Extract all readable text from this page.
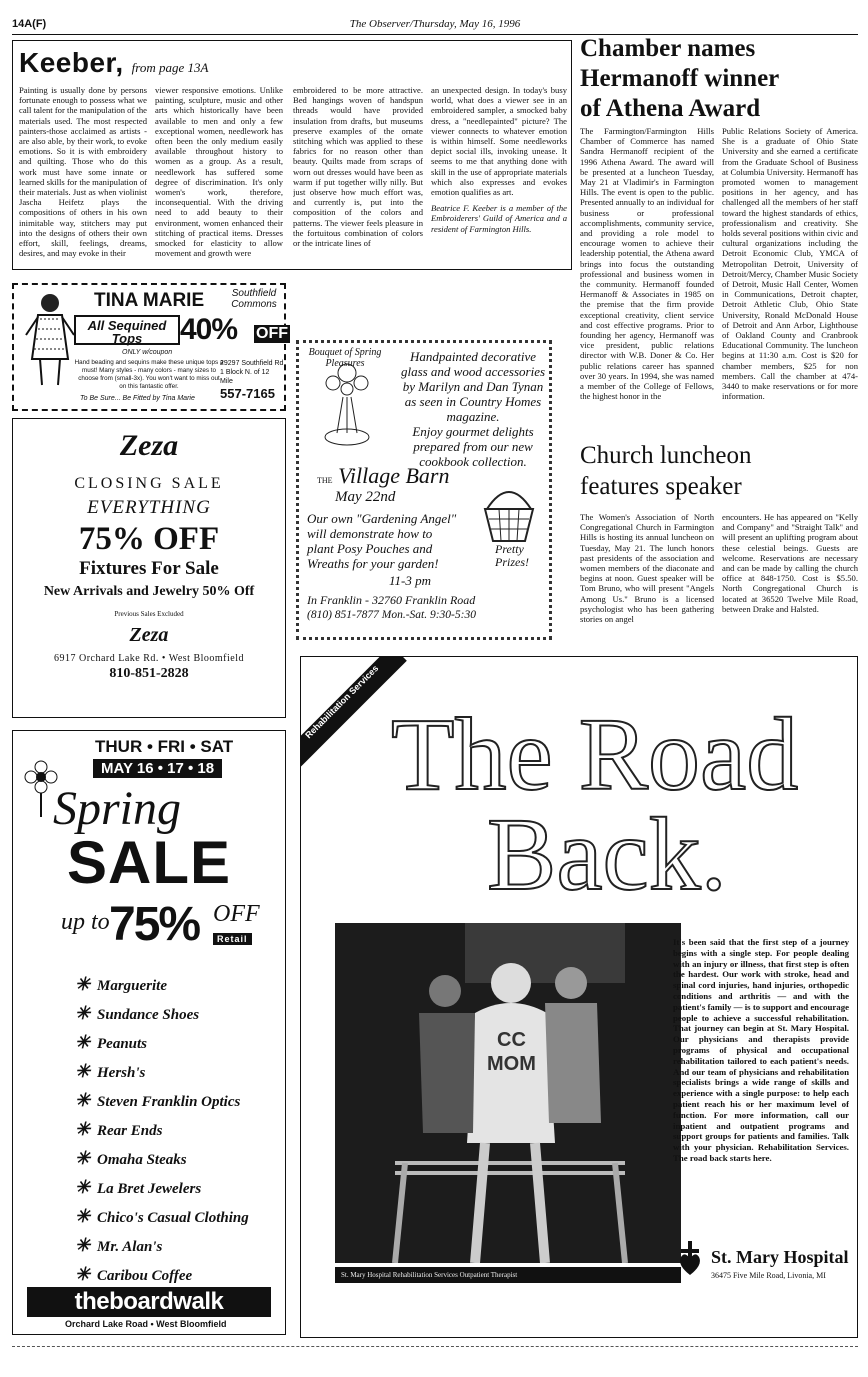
14A(F)	The Observer/Thursday, May 16, 1996
Keeber, from page 13A
Painting is usually done by persons fortunate enough to possess what we call talent for the manipulation of the materials used. The most respected painters-those acclaimed as artists - are also able, by their work, to evoke emotions. So it is with embroidery and quilting. Those who do this work must have some innate or learned skills for the manipulation of their materials. Just as when violinist Jascha Heifetz plays the compositions of others in his own inimitable way, stitchers may put into the designs of others their own effort, skill, feelings, dreams, desires, and may evoke in their
viewer responsive emotions. Unlike painting, sculpture, music and other arts which historically have been available to men and only a few exceptional women, needlework has often been the only medium easily available throughout history to women as a group. As a result, needlework has suffered some degree of discrimination. It's only women's work, therefore, inconsequential. With the driving need to add beauty to their environment, women enhanced their stitching of practical items. Dresses smocked for elasticity to allow movement and growth were
embroidered to be more attractive. Bed hangings woven of handspun threads would have provided insulation from drafts, but museums preserve examples of the ornate stitching which was applied to these fabrics for no reason other than beauty. Quilts made from scraps of worn out dresses would have been as warm if put together willy nilly. But just observe how much effort was, and currently is, put into the composition of the colors and patterns. The viewer feels pleasure in the fortuitous combination of colors or the intricate lines of
an unexpected design. In today's busy world, what does a viewer see in an embroidered sampler, a smocked baby dress, a "needlepainted" picture? The viewer connects to whatever emotion is within himself. Some needleworks depict social ills, invoking unease. It seems to me that anything done with skill in the use of appropriate materials which also expresses and evokes emotion qualifies as art.
Beatrice F. Keeber is a member of the Embroiderers' Guild of America and a resident of Farmington Hills.
Chamber names
Hermanoff winner
of Athena Award
The Farmington/Farmington Hills Chamber of Commerce has named Sandra Hermanoff recipient of the 1996 Athena Award. The award will be presented at a luncheon Tuesday, May 21 at Vladimir's in Farmington Hills. The event is open to the public. Presented annually to an individual for business or professional accomplishments, community service, and providing a role model to encourage women to achieve their leadership potential, the Athena award brings into focus the outstanding professional and business women in the community. Hermanoff founded Hermanoff & Associates in 1985 on the premise that the firm provide exceptional creativity, client service and cost effective programs. Prior to founding her agency, Hermanoff was vice president, public relations director with W.B. Doner & Co. Her public relations career has spanned over 30 years. In 1994, she was named a member of the College of Fellows, the highest honor in the
Public Relations Society of America. She is a graduate of Ohio State University and she earned a certificate from the Graduate School of Business at Columbia University. Hermanoff has promoted women to management positions in her agency, and has challenged all the members of her staff toward the highest standards of ethics, professionalism and creativity. She holds several positions within civic and cultural organizations including the Detroit Economic Club, YMCA of Metropolitan Detroit, University of Detroit/Mercy, Chamber Music Society of Detroit, Music Hall Center, Women in Communications, Detroit chapter, Detroit Athletic Club, Ohio State University, Ronald McDonald House of Detroit and Ann Arbor, Lighthouse of Oakland County and Cranbrook Educational Community. The luncheon begins at 11:30 a.m. Cost is $20 for chamber members, $25 for non members. Call the chamber at 474-3440 to make reservations or for more information.
Church luncheon
features speaker
The Women's Association of North Congregational Church in Farmington Hills is hosting its annual luncheon on Tuesday, May 21. The lunch honors past presidents of the association and women members of the diaconate and begins at noon. Guest speaker will be Tom Bruno, who will present "Angels Among Us." Bruno is a licensed psychologist who has been gathering stories on angel
encounters. He has appeared on "Kelly and Company" and "Straight Talk" and will present an uplifting program about these celestial beings. Guests are welcome. Reservations are necessary and can be made by calling the church office at 848-1750. Cost is $5.50. North Congregational Church is located at 36520 Twelve Mile Road, between Drake and Halsted.
TINA MARIE	Southfield
Commons
All Sequined
Tops	40% OFF
ONLY w/coupon
Hand beading and sequins make these unique tops a must! Many styles - many colors - many sizes to choose from (small-3x). You won't want to miss out on this fantastic offer.
29297 Southfield Rd
1 Block N. of 12 Mile
557-7165
To Be Sure... Be Fitted by Tina Marie
Zeza
CLOSING SALE
EVERYTHING
75% OFF
Fixtures For Sale
New Arrivals and Jewelry 50% Off
Previous Sales Excluded
Zeza
6917 Orchard Lake Rd. • West Bloomfield
810-851-2828
Bouquet of Spring Pleasures	Handpainted decorative
glass and wood accessories
by Marilyn and Dan Tynan
as seen in Country Homes magazine.
Enjoy gourmet delights
prepared from our new
cookbook collection.
THE Village Barn
May 22nd
Our own "Gardening Angel"
will demonstrate how to
plant Posy Pouches and
Wreaths for your garden!
Pretty Prizes!
11-3 pm
In Franklin - 32760 Franklin Road
(810) 851-7877 Mon.-Sat. 9:30-5:30
THUR • FRI • SAT
MAY 16 • 17 • 18
Spring
SALE
up to 75% OFF
Retail
✳ Marguerite
✳ Sundance Shoes
✳ Peanuts
✳ Hersh's
✳ Steven Franklin Optics
✳ Rear Ends
✳ Omaha Steaks
✳ La Bret Jewelers
✳ Chico's Casual Clothing
✳ Mr. Alan's
✳ Caribou Coffee
theboardwalk
Orchard Lake Road • West Bloomfield
Rehabilitation Services The Road
Back.
CC
MOM
St. Mary Hospital Rehabilitation Services Outpatient Therapist
It's been said that the first step of a journey begins with a single step. For people dealing with an injury or illness, that first step is often the hardest. Our work with stroke, head and spinal cord injuries, hand injuries, orthopedic conditions and arthritis — and with the patient's family — is to support and encourage people to achieve a successful rehabilitation. That journey can begin at St. Mary Hospital. Our physicians and therapists provide programs of physical and occupational rehabilitation tailored to each patient's needs. And our team of physicians and rehabilitation specialists brings a wide range of skills and experience with a single purpose: to help each patient reach his or her maximum level of function. For more information, call our inpatient and outpatient programs and support groups for patients and families. Talk with your physician. Rehabilitation Services. The road back starts here.
St. Mary Hospital
36475 Five Mile Road, Livonia, MI
